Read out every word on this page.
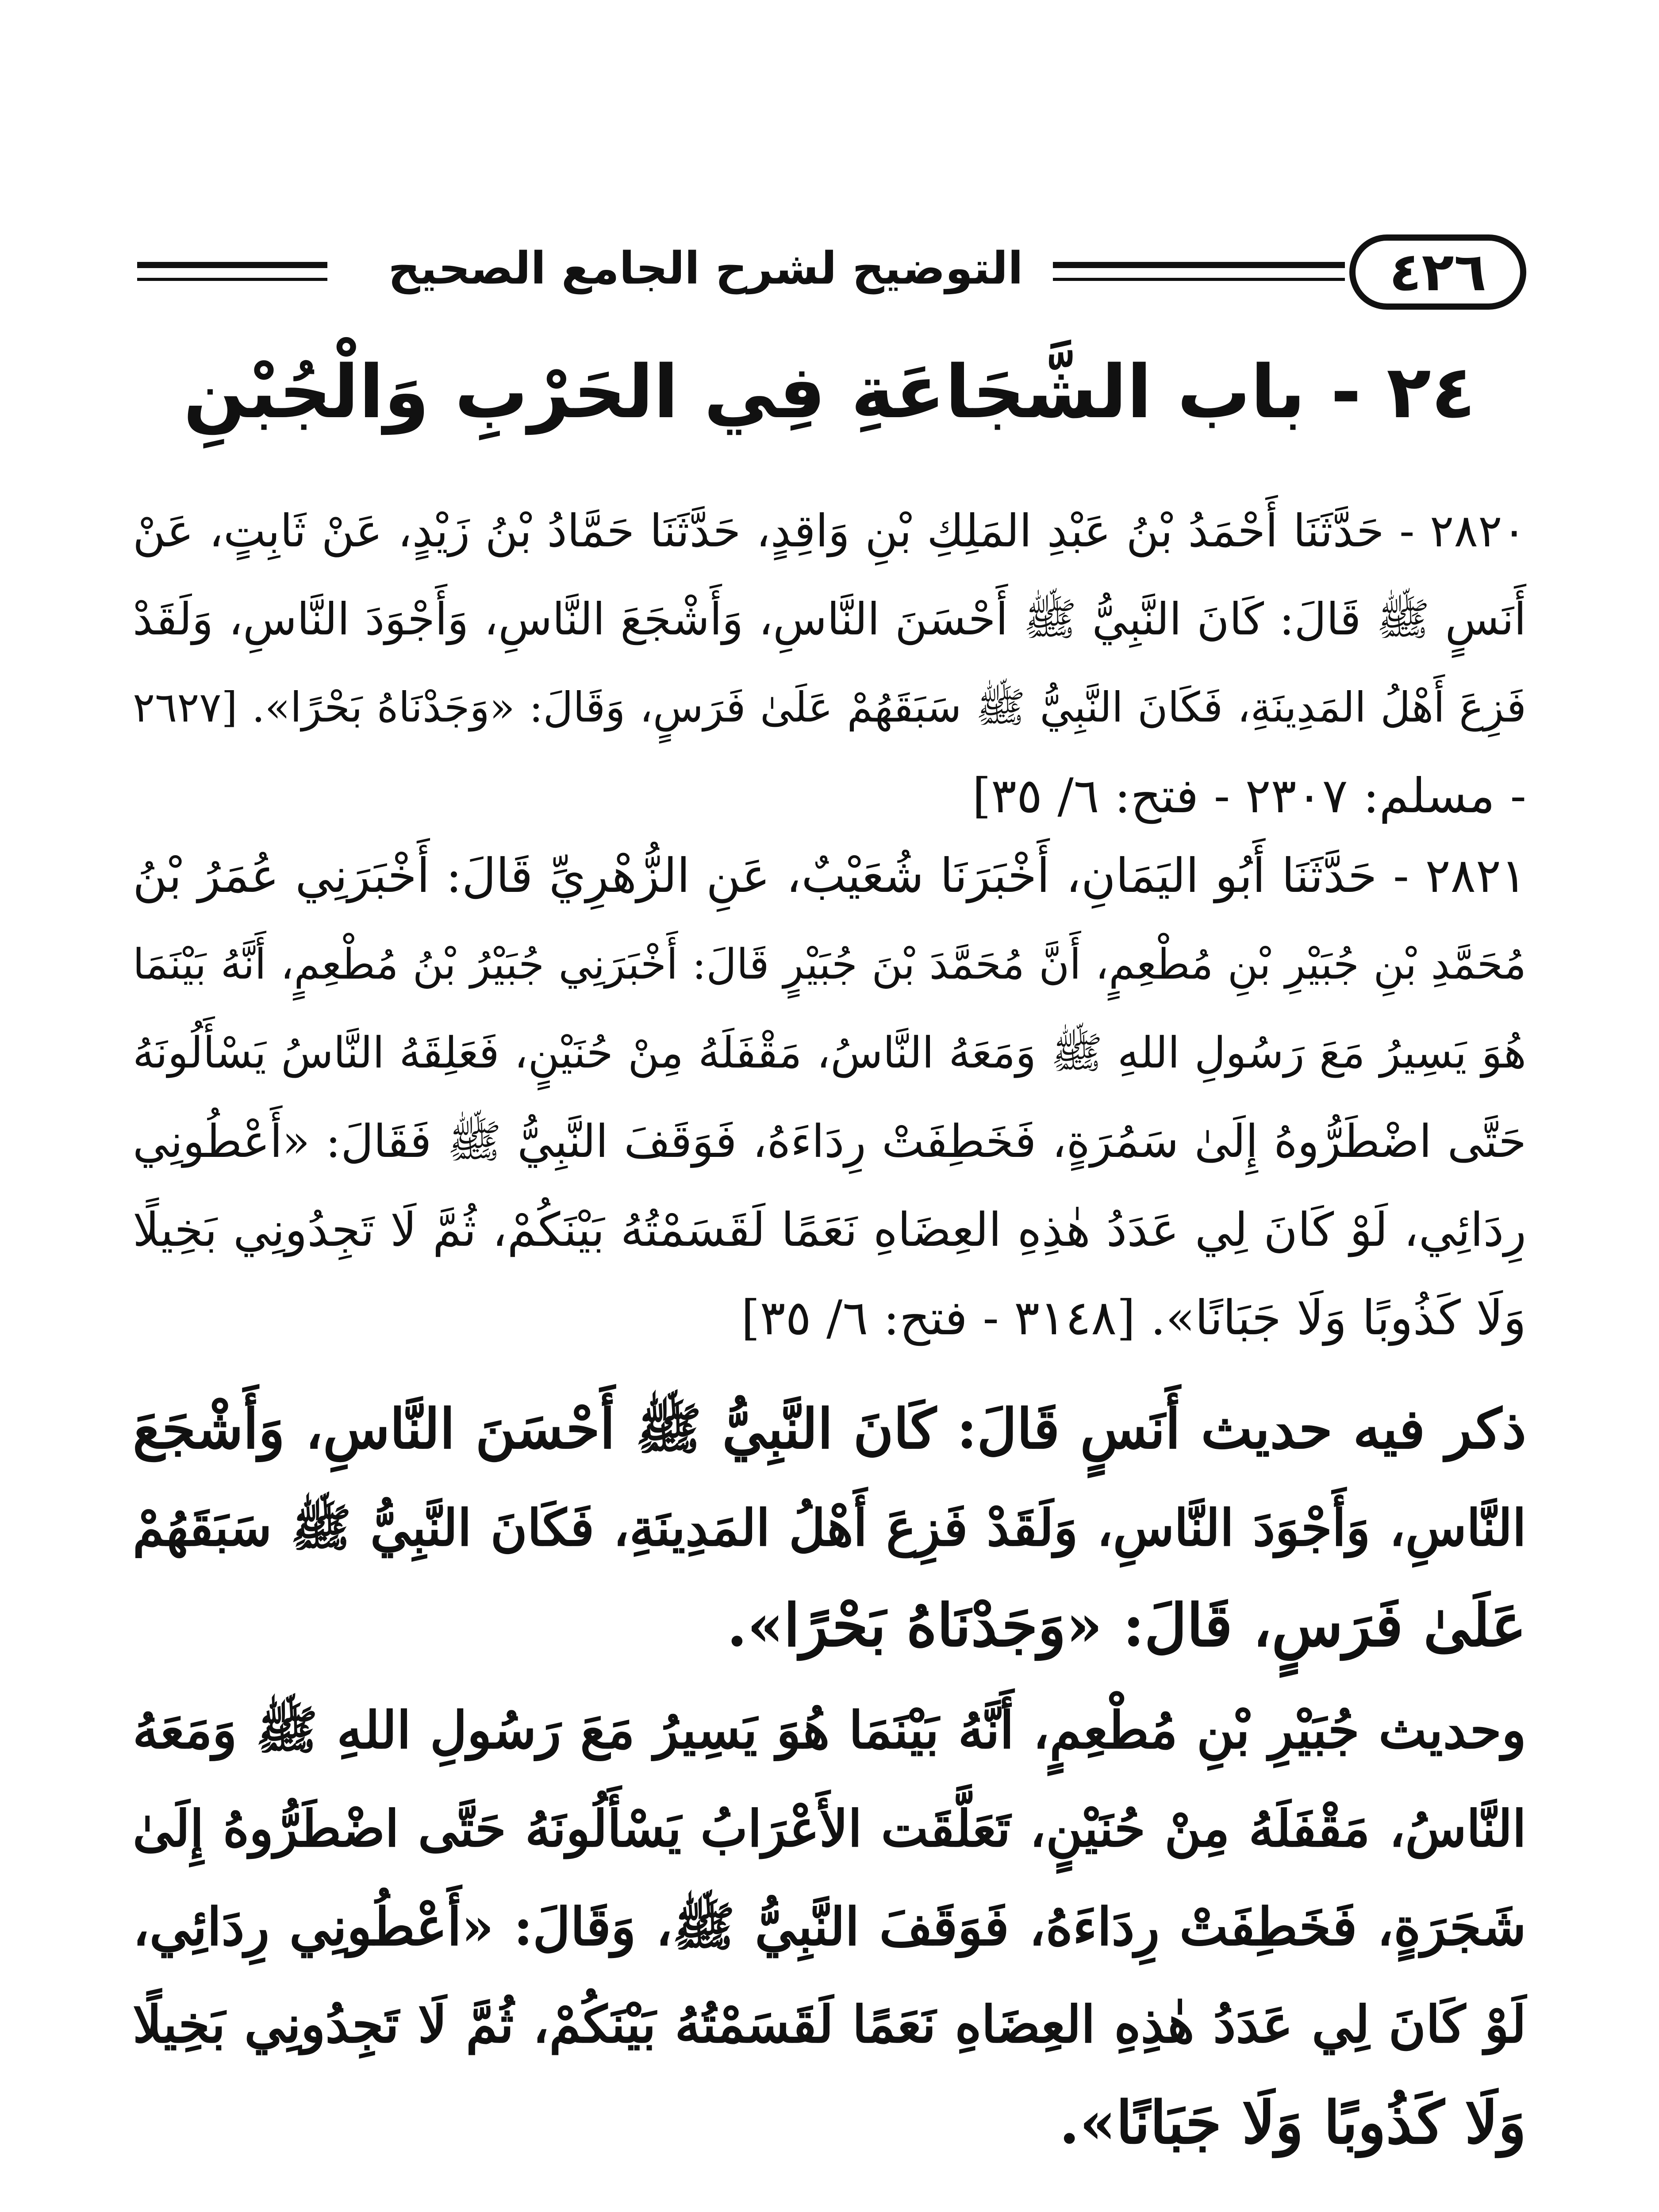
التوضيح لشرح الجامع الصحيح	٤٢٦
٢٤ - باب الشَّجَاعَةِ فِي الحَرْبِ وَالْجُبْنِ
٢٨٢٠ - حَدَّثَنَا أَحْمَدُ بْنُ عَبْدِ المَلِكِ بْنِ وَاقِدٍ، حَدَّثَنَا حَمَّادُ بْنُ زَيْدٍ، عَنْ ثَابِتٍ، عَنْ
أَنَسٍ ﷺ قَالَ: كَانَ النَّبِيُّ ﷺ أَحْسَنَ النَّاسِ، وَأَشْجَعَ النَّاسِ، وَأَجْوَدَ النَّاسِ، وَلَقَدْ
فَزِعَ أَهْلُ المَدِينَةِ، فَكَانَ النَّبِيُّ ﷺ سَبَقَهُمْ عَلَىٰ فَرَسٍ، وَقَالَ: «وَجَدْنَاهُ بَحْرًا». [٢٦٢٧
- مسلم: ٢٣٠٧ - فتح: ٦/ ٣٥]
٢٨٢١ - حَدَّثَنَا أَبُو اليَمَانِ، أَخْبَرَنَا شُعَيْبٌ، عَنِ الزُّهْرِيِّ قَالَ: أَخْبَرَنِي عُمَرُ بْنُ
مُحَمَّدِ بْنِ جُبَيْرِ بْنِ مُطْعِمٍ، أَنَّ مُحَمَّدَ بْنَ جُبَيْرٍ قَالَ: أَخْبَرَنِي جُبَيْرُ بْنُ مُطْعِمٍ، أَنَّهُ بَيْنَمَا
هُوَ يَسِيرُ مَعَ رَسُولِ اللهِ ﷺ وَمَعَهُ النَّاسُ، مَقْفَلَهُ مِنْ حُنَيْنٍ، فَعَلِقَهُ النَّاسُ يَسْأَلُونَهُ
حَتَّى اضْطَرُّوهُ إِلَىٰ سَمُرَةٍ، فَخَطِفَتْ رِدَاءَهُ، فَوَقَفَ النَّبِيُّ ﷺ فَقَالَ: «أَعْطُونِي
رِدَائِي، لَوْ كَانَ لِي عَدَدُ هٰذِهِ العِضَاهِ نَعَمًا لَقَسَمْتُهُ بَيْنَكُمْ، ثُمَّ لَا تَجِدُونِي بَخِيلًا
وَلَا كَذُوبًا وَلَا جَبَانًا». [٣١٤٨ - فتح: ٦/ ٣٥]
ذكر فيه حديث أَنَسٍ قَالَ: كَانَ النَّبِيُّ ﷺ أَحْسَنَ النَّاسِ، وَأَشْجَعَ
النَّاسِ، وَأَجْوَدَ النَّاسِ، وَلَقَدْ فَزِعَ أَهْلُ المَدِينَةِ، فَكَانَ النَّبِيُّ ﷺ سَبَقَهُمْ
عَلَىٰ فَرَسٍ، قَالَ: «وَجَدْنَاهُ بَحْرًا».
وحديث جُبَيْرِ بْنِ مُطْعِمٍ، أَنَّهُ بَيْنَمَا هُوَ يَسِيرُ مَعَ رَسُولِ اللهِ ﷺ وَمَعَهُ
النَّاسُ، مَقْفَلَهُ مِنْ حُنَيْنٍ، تَعَلَّقَت الأَعْرَابُ يَسْأَلُونَهُ حَتَّى اضْطَرُّوهُ إِلَىٰ
شَجَرَةٍ، فَخَطِفَتْ رِدَاءَهُ، فَوَقَفَ النَّبِيُّ ﷺ، وَقَالَ: «أَعْطُونِي رِدَائِي،
لَوْ كَانَ لِي عَدَدُ هٰذِهِ العِضَاهِ نَعَمًا لَقَسَمْتُهُ بَيْنَكُمْ، ثُمَّ لَا تَجِدُونِي بَخِيلًا
وَلَا كَذُوبًا وَلَا جَبَانًا».
